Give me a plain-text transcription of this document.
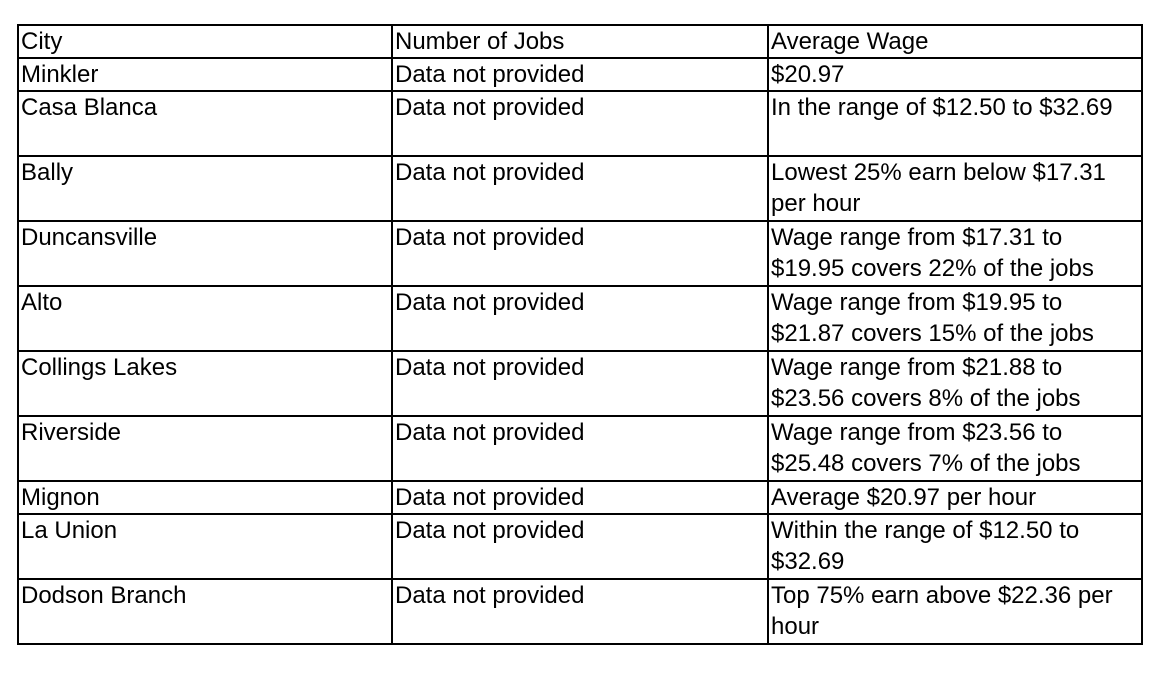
City	Number of Jobs	Average Wage
Minkler	Data not provided	$20.97
Casa Blanca	Data not provided	In the range of $12.50 to $32.69
Bally	Data not provided	Lowest 25% earn below $17.31 per hour
Duncansville	Data not provided	Wage range from $17.31 to $19.95 covers 22% of the jobs
Alto	Data not provided	Wage range from $19.95 to $21.87 covers 15% of the jobs
Collings Lakes	Data not provided	Wage range from $21.88 to $23.56 covers 8% of the jobs
Riverside	Data not provided	Wage range from $23.56 to $25.48 covers 7% of the jobs
Mignon	Data not provided	Average $20.97 per hour
La Union	Data not provided	Within the range of $12.50 to $32.69
Dodson Branch	Data not provided	Top 75% earn above $22.36 per hour
